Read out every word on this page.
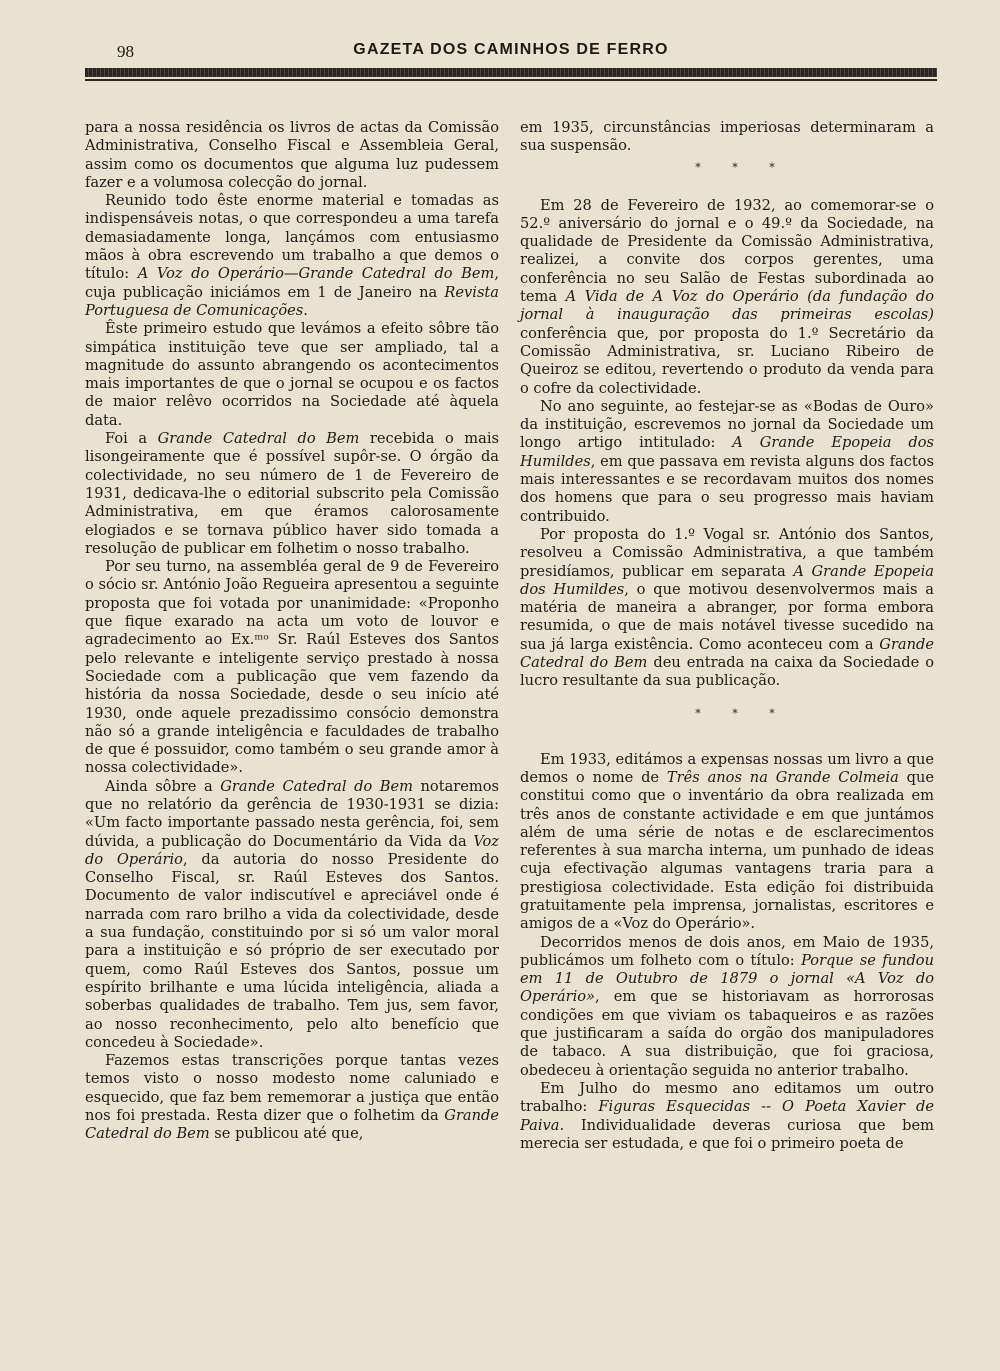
98	GAZETA DOS CAMINHOS DE FERRO

para a nossa residência os livros de actas da Comissão Administrativa, Conselho Fiscal e Assembleia Geral, assim como os documentos que alguma luz pudessem fazer e a volumosa colecção do jornal.

Reunido todo êste enorme material e tomadas as indispensáveis notas, o que correspondeu a uma tarefa demasiadamente longa, lançámos com entusiasmo mãos à obra escrevendo um trabalho a que demos o título: A Voz do Operário—Grande Catedral do Bem, cuja publicação iniciámos em 1 de Janeiro na Revista Portuguesa de Comunicações.

Êste primeiro estudo que levámos a efeito sôbre tão simpática instituição teve que ser ampliado, tal a magnitude do assunto abrangendo os acontecimentos mais importantes de que o jornal se ocupou e os factos de maior relêvo ocorridos na Sociedade até àquela data.

Foi a Grande Catedral do Bem recebida o mais lisongeiramente que é possível supôr-se. O órgão da colectividade, no seu número de 1 de Fevereiro de 1931, dedicava-lhe o editorial subscrito pela Comissão Administrativa, em que éramos calorosamente elogiados e se tornava público haver sido tomada a resolução de publicar em folhetim o nosso trabalho.

Por seu turno, na assembléa geral de 9 de Fevereiro o sócio sr. António João Regueira apresentou a seguinte proposta que foi votada por unanimidade: «Proponho que fique exarado na acta um voto de louvor e agradecimento ao Ex.ᵐᵒ Sr. Raúl Esteves dos Santos pelo relevante e inteligente serviço prestado à nossa Sociedade com a publicação que vem fazendo da história da nossa Sociedade, desde o seu início até 1930, onde aquele prezadissimo consócio demonstra não só a grande inteligência e faculdades de trabalho de que é possuidor, como também o seu grande amor à nossa colectividade».

Ainda sôbre a Grande Catedral do Bem notaremos que no relatório da gerência de 1930-1931 se dizia: «Um facto importante passado nesta gerência, foi, sem dúvida, a publicação do Documentário da Vida da Voz do Operário, da autoria do nosso Presidente do Conselho Fiscal, sr. Raúl Esteves dos Santos. Documento de valor indiscutível e apreciável onde é narrada com raro brilho a vida da colectividade, desde a sua fundação, constituindo por si só um valor moral para a instituição e só próprio de ser executado por quem, como Raúl Esteves dos Santos, possue um espírito brilhante e uma lúcida inteligência, aliada a soberbas qualidades de trabalho. Tem jus, sem favor, ao nosso reconhecimento, pelo alto benefício que concedeu à Sociedade».

Fazemos estas transcrições porque tantas vezes temos visto o nosso modesto nome caluniado e esquecido, que faz bem rememorar a justiça que então nos foi prestada. Resta dizer que o folhetim da Grande Catedral do Bem se publicou até que,

em 1935, circunstâncias imperiosas determinaram a sua suspensão.

* * *

Em 28 de Fevereiro de 1932, ao comemorar-se o 52.º aniversário do jornal e o 49.º da Sociedade, na qualidade de Presidente da Comissão Administrativa, realizei, a convite dos corpos gerentes, uma conferência no seu Salão de Festas subordinada ao tema A Vida de A Voz do Operário (da fundação do jornal à inauguração das primeiras escolas) conferência que, por proposta do 1.º Secretário da Comissão Administrativa, sr. Luciano Ribeiro de Queiroz se editou, revertendo o produto da venda para o cofre da colectividade.

No ano seguinte, ao festejar-se as «Bodas de Ouro» da instituição, escrevemos no jornal da Sociedade um longo artigo intitulado: A Grande Epopeia dos Humildes, em que passava em revista alguns dos factos mais interessantes e se recordavam muitos dos nomes dos homens que para o seu progresso mais haviam contribuido.

Por proposta do 1.º Vogal sr. António dos Santos, resolveu a Comissão Administrativa, a que também presidíamos, publicar em separata A Grande Epopeia dos Humildes, o que motivou desenvolvermos mais a matéria de maneira a abranger, por forma embora resumida, o que de mais notável tivesse sucedido na sua já larga existência. Como aconteceu com a Grande Catedral do Bem deu entrada na caixa da Sociedade o lucro resultante da sua publicação.

* * *

Em 1933, editámos a expensas nossas um livro a que demos o nome de Três anos na Grande Colmeia que constitui como que o inventário da obra realizada em três anos de constante actividade e em que juntámos além de uma série de notas e de esclarecimentos referentes à sua marcha interna, um punhado de ideas cuja efectivação algumas vantagens traria para a prestigiosa colectividade. Esta edição foi distribuida gratuitamente pela imprensa, jornalistas, escritores e amigos de a «Voz do Operário».

Decorridos menos de dois anos, em Maio de 1935, publicámos um folheto com o título: Porque se fundou em 11 de Outubro de 1879 o jornal «A Voz do Operário», em que se historiavam as horrorosas condições em que viviam os tabaqueiros e as razões que justificaram a saída do orgão dos manipuladores de tabaco. A sua distribuição, que foi graciosa, obedeceu à orientação seguida no anterior trabalho.

Em Julho do mesmo ano editamos um outro trabalho: Figuras Esquecidas -- O Poeta Xavier de Paiva. Individualidade deveras curiosa que bem merecia ser estudada, e que foi o primeiro poeta de
